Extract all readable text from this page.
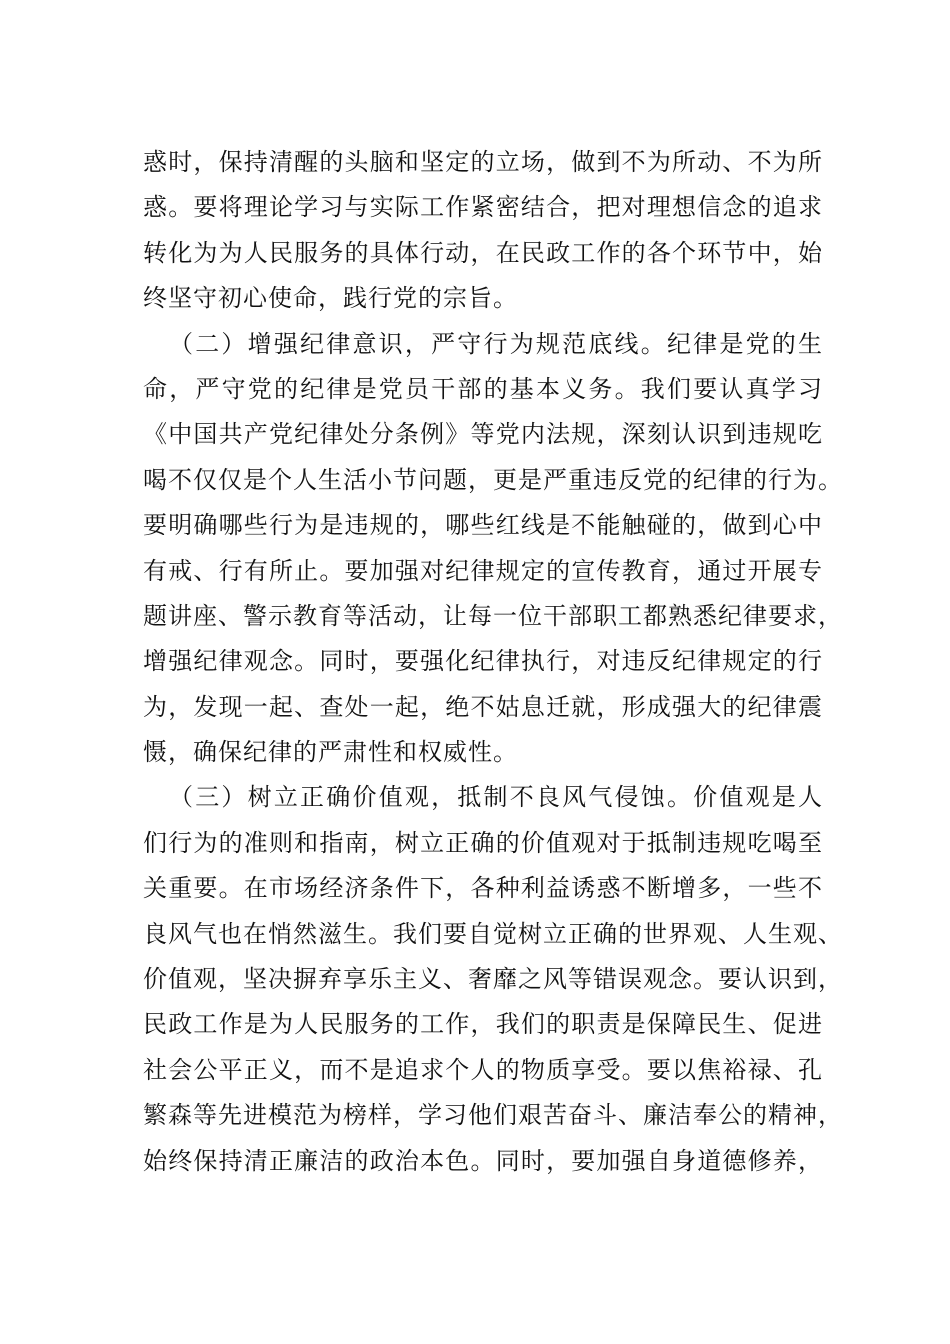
惑时，保持清醒的头脑和坚定的立场，做到不为所动、不为所
惑。要将理论学习与实际工作紧密结合，把对理想信念的追求
转化为为人民服务的具体行动，在民政工作的各个环节中，始
终坚守初心使命，践行党的宗旨。
（二）增强纪律意识，严守行为规范底线。纪律是党的生
命，严守党的纪律是党员干部的基本义务。我们要认真学习
《中国共产党纪律处分条例》等党内法规，深刻认识到违规吃
喝不仅仅是个人生活小节问题，更是严重违反党的纪律的行为。
要明确哪些行为是违规的，哪些红线是不能触碰的，做到心中
有戒、行有所止。要加强对纪律规定的宣传教育，通过开展专
题讲座、警示教育等活动，让每一位干部职工都熟悉纪律要求，
增强纪律观念。同时，要强化纪律执行，对违反纪律规定的行
为，发现一起、查处一起，绝不姑息迁就，形成强大的纪律震
慑，确保纪律的严肃性和权威性。
（三）树立正确价值观，抵制不良风气侵蚀。价值观是人
们行为的准则和指南，树立正确的价值观对于抵制违规吃喝至
关重要。在市场经济条件下，各种利益诱惑不断增多，一些不
良风气也在悄然滋生。我们要自觉树立正确的世界观、人生观、
价值观，坚决摒弃享乐主义、奢靡之风等错误观念。要认识到，
民政工作是为人民服务的工作，我们的职责是保障民生、促进
社会公平正义，而不是追求个人的物质享受。要以焦裕禄、孔
繁森等先进模范为榜样，学习他们艰苦奋斗、廉洁奉公的精神，
始终保持清正廉洁的政治本色。同时，要加强自身道德修养，
